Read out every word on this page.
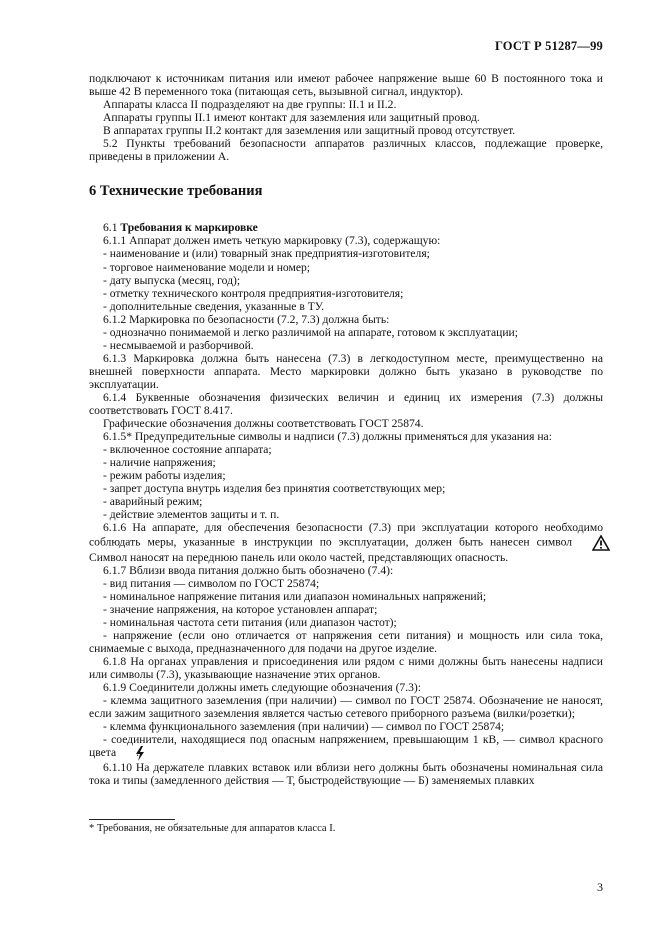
ГОСТ Р 51287—99

подключают к источникам питания или имеют рабочее напряжение выше 60 В постоянного тока и выше 42 В переменного тока (питающая сеть, вызывной сигнал, индуктор).

Аппараты класса II подразделяют на две группы: II.1 и II.2.

Аппараты группы II.1 имеют контакт для заземления или защитный провод.

В аппаратах группы II.2 контакт для заземления или защитный провод отсутствует.

5.2 Пункты требований безопасности аппаратов различных классов, подлежащие проверке, приведены в приложении А.

6 Технические требования

6.1 Требования к маркировке

6.1.1 Аппарат должен иметь четкую маркировку (7.3), содержащую:

- наименование и (или) товарный знак предприятия-изготовителя;

- торговое наименование модели и номер;

- дату выпуска (месяц, год);

- отметку технического контроля предприятия-изготовителя;

- дополнительные сведения, указанные в ТУ.

6.1.2 Маркировка по безопасности (7.2, 7.3) должна быть:

- однозначно понимаемой и легко различимой на аппарате, готовом к эксплуатации;

- несмываемой и разборчивой.

6.1.3 Маркировка должна быть нанесена (7.3) в легкодоступном месте, преимущественно на внешней поверхности аппарата. Место маркировки должно быть указано в руководстве по эксплуатации.

6.1.4 Буквенные обозначения физических величин и единиц их измерения (7.3) должны соответствовать ГОСТ 8.417.

Графические обозначения должны соответствовать ГОСТ 25874.

6.1.5* Предупредительные символы и надписи (7.3) должны применяться для указания на:

- включенное состояние аппарата;

- наличие напряжения;

- режим работы изделия;

- запрет доступа внутрь изделия без принятия соответствующих мер;

- аварийный режим;

- действие элементов защиты и т. п.

6.1.6 На аппарате, для обеспечения безопасности (7.3) при эксплуатации которого необходимо соблюдать меры, указанные в инструкции по эксплуатации, должен быть нанесен символ . Символ наносят на переднюю панель или около частей, представляющих опасность.

6.1.7 Вблизи ввода питания должно быть обозначено (7.4):

- вид питания — символом по ГОСТ 25874;

- номинальное напряжение питания или диапазон номинальных напряжений;

- значение напряжения, на которое установлен аппарат;

- номинальная частота сети питания (или диапазон частот);

- напряжение (если оно отличается от напряжения сети питания) и мощность или сила тока, снимаемые с выхода, предназначенного для подачи на другое изделие.

6.1.8 На органах управления и присоединения или рядом с ними должны быть нанесены надписи или символы (7.3), указывающие назначение этих органов.

6.1.9 Соединители должны иметь следующие обозначения (7.3):

- клемма защитного заземления (при наличии) — символ по ГОСТ 25874. Обозначение не наносят, если зажим защитного заземления является частью сетевого приборного разъема (вилки/розетки);

- клемма функционального заземления (при наличии) — символ по ГОСТ 25874;

- соединители, находящиеся под опасным напряжением, превышающим 1 кВ, — символ красного цвета .

6.1.10 На держателе плавких вставок или вблизи него должны быть обозначены номинальная сила тока и типы (замедленного действия — Т, быстродействующие — Б) заменяемых плавких

* Требования, не обязательные для аппаратов класса I.
3
